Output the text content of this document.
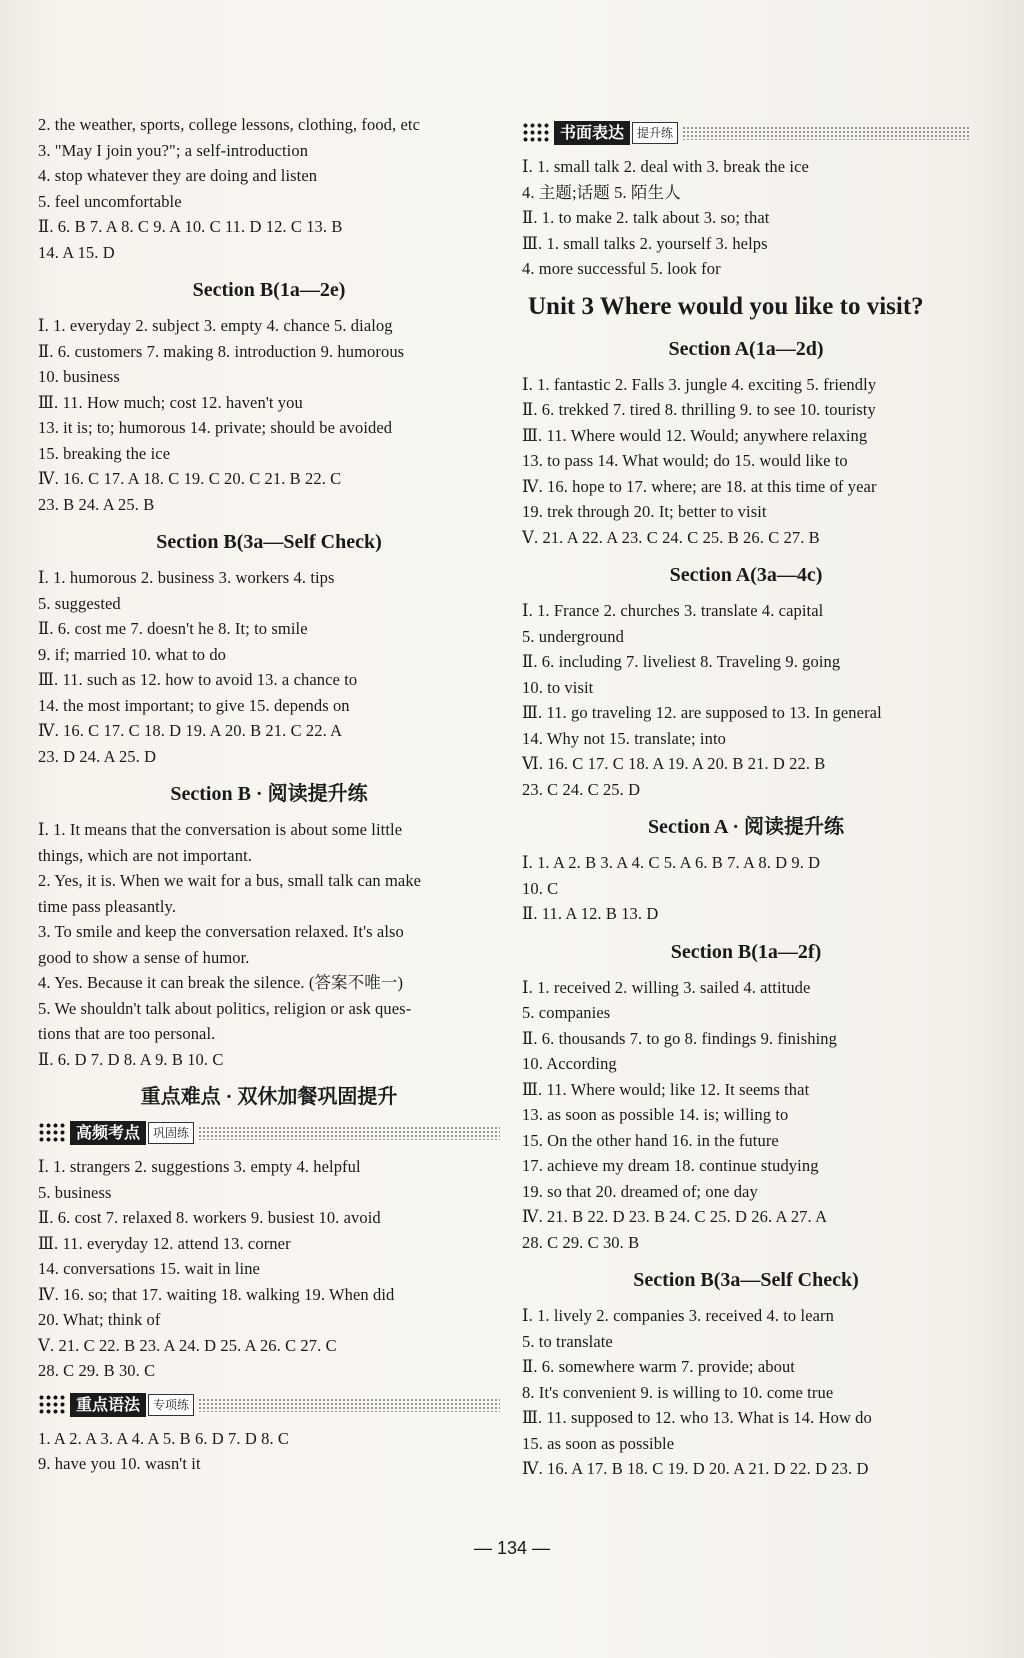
2. the weather, sports, college lessons, clothing, food, etc
3. "May I join you?"; a self-introduction
4. stop whatever they are doing and listen
5. feel uncomfortable
Ⅱ. 6. B 7. A 8. C 9. A 10. C 11. D 12. C 13. B
14. A 15. D
Section B(1a—2e)
Ⅰ. 1. everyday 2. subject 3. empty 4. chance 5. dialog
Ⅱ. 6. customers 7. making 8. introduction 9. humorous
10. business
Ⅲ. 11. How much; cost 12. haven't you
13. it is; to; humorous 14. private; should be avoided
15. breaking the ice
Ⅳ. 16. C 17. A 18. C 19. C 20. C 21. B 22. C
23. B 24. A 25. B
Section B(3a—Self Check)
Ⅰ. 1. humorous 2. business 3. workers 4. tips
5. suggested
Ⅱ. 6. cost me 7. doesn't he 8. It; to smile
9. if; married 10. what to do
Ⅲ. 11. such as 12. how to avoid 13. a chance to
14. the most important; to give 15. depends on
Ⅳ. 16. C 17. C 18. D 19. A 20. B 21. C 22. A
23. D 24. A 25. D
Section B · 阅读提升练
Ⅰ. 1. It means that the conversation is about some little
things, which are not important.
2. Yes, it is. When we wait for a bus, small talk can make
time pass pleasantly.
3. To smile and keep the conversation relaxed. It's also
good to show a sense of humor.
4. Yes. Because it can break the silence. (答案不唯一)
5. We shouldn't talk about politics, religion or ask ques-
tions that are too personal.
Ⅱ. 6. D 7. D 8. A 9. B 10. C
重点难点 · 双休加餐巩固提升
高频考点	巩固练
Ⅰ. 1. strangers 2. suggestions 3. empty 4. helpful
5. business
Ⅱ. 6. cost 7. relaxed 8. workers 9. busiest 10. avoid
Ⅲ. 11. everyday 12. attend 13. corner
14. conversations 15. wait in line
Ⅳ. 16. so; that 17. waiting 18. walking 19. When did
20. What; think of
Ⅴ. 21. C 22. B 23. A 24. D 25. A 26. C 27. C
28. C 29. B 30. C
重点语法	专项练
1. A 2. A 3. A 4. A 5. B 6. D 7. D 8. C
9. have you 10. wasn't it
书面表达	提升练
Ⅰ. 1. small talk 2. deal with 3. break the ice
4. 主题;话题 5. 陌生人
Ⅱ. 1. to make 2. talk about 3. so; that
Ⅲ. 1. small talks 2. yourself 3. helps
4. more successful 5. look for
Unit 3 Where would you like to visit?
Section A(1a—2d)
Ⅰ. 1. fantastic 2. Falls 3. jungle 4. exciting 5. friendly
Ⅱ. 6. trekked 7. tired 8. thrilling 9. to see 10. touristy
Ⅲ. 11. Where would 12. Would; anywhere relaxing
13. to pass 14. What would; do 15. would like to
Ⅳ. 16. hope to 17. where; are 18. at this time of year
19. trek through 20. It; better to visit
Ⅴ. 21. A 22. A 23. C 24. C 25. B 26. C 27. B
Section A(3a—4c)
Ⅰ. 1. France 2. churches 3. translate 4. capital
5. underground
Ⅱ. 6. including 7. liveliest 8. Traveling 9. going
10. to visit
Ⅲ. 11. go traveling 12. are supposed to 13. In general
14. Why not 15. translate; into
Ⅵ. 16. C 17. C 18. A 19. A 20. B 21. D 22. B
23. C 24. C 25. D
Section A · 阅读提升练
Ⅰ. 1. A 2. B 3. A 4. C 5. A 6. B 7. A 8. D 9. D
10. C
Ⅱ. 11. A 12. B 13. D
Section B(1a—2f)
Ⅰ. 1. received 2. willing 3. sailed 4. attitude
5. companies
Ⅱ. 6. thousands 7. to go 8. findings 9. finishing
10. According
Ⅲ. 11. Where would; like 12. It seems that
13. as soon as possible 14. is; willing to
15. On the other hand 16. in the future
17. achieve my dream 18. continue studying
19. so that 20. dreamed of; one day
Ⅳ. 21. B 22. D 23. B 24. C 25. D 26. A 27. A
28. C 29. C 30. B
Section B(3a—Self Check)
Ⅰ. 1. lively 2. companies 3. received 4. to learn
5. to translate
Ⅱ. 6. somewhere warm 7. provide; about
8. It's convenient 9. is willing to 10. come true
Ⅲ. 11. supposed to 12. who 13. What is 14. How do
15. as soon as possible
Ⅳ. 16. A 17. B 18. C 19. D 20. A 21. D 22. D 23. D
— 134 —
